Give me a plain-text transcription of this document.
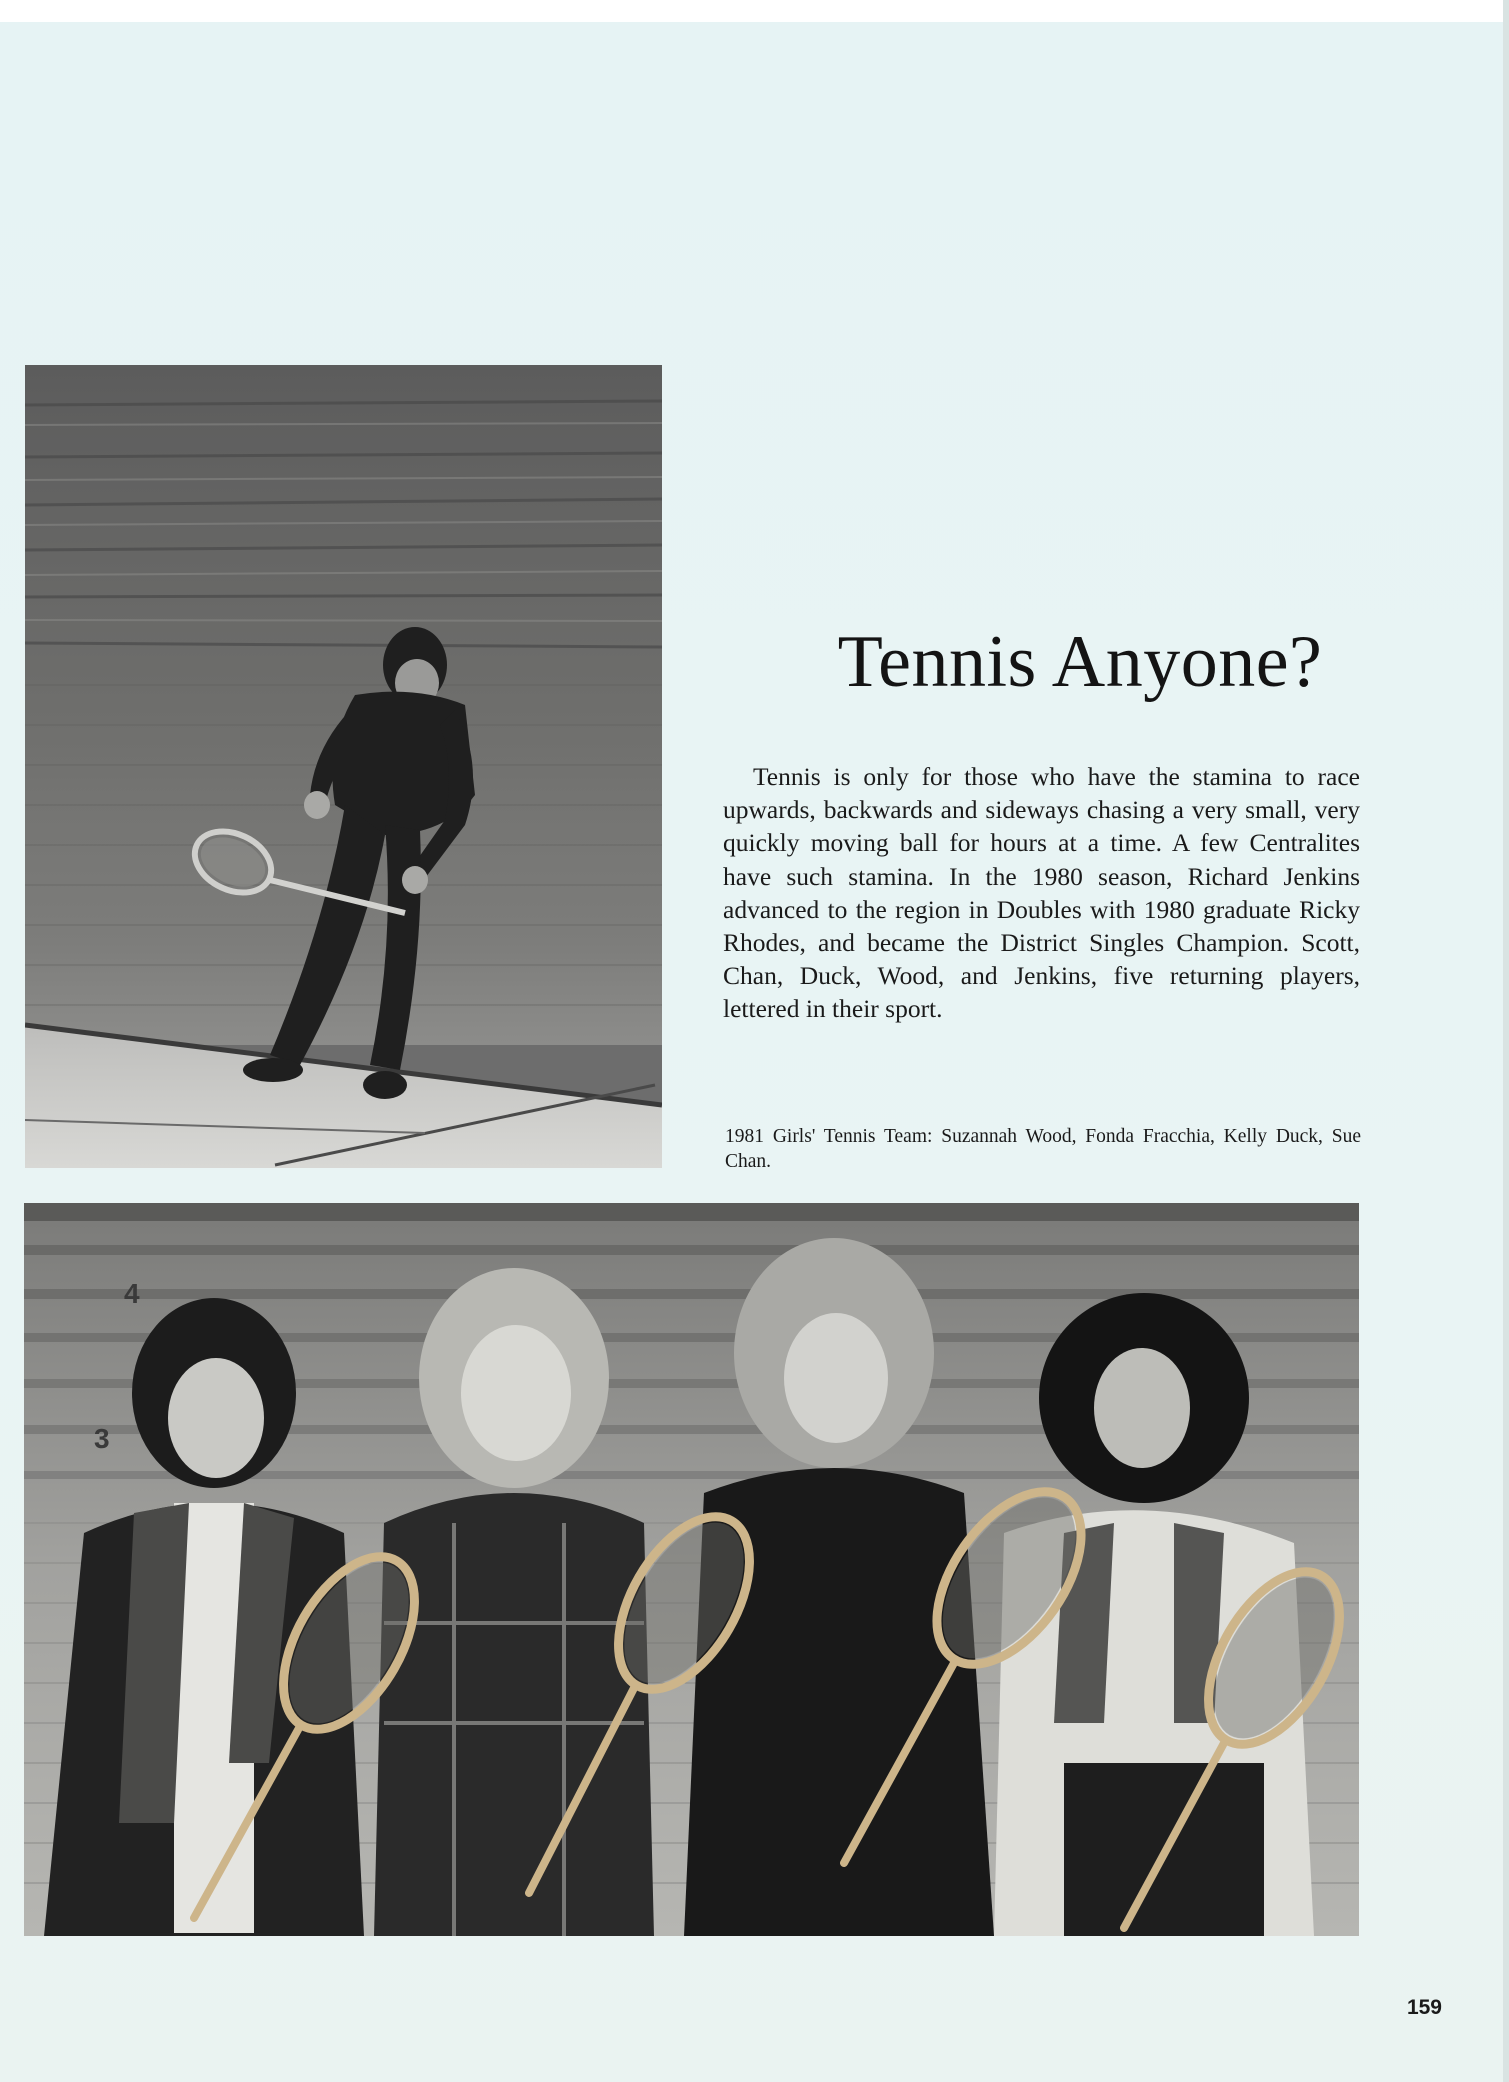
Tennis Anyone?

Tennis is only for those who have the stamina to race upwards, backwards and sideways chasing a very small, very quickly moving ball for hours at a time. A few Centralites have such stamina. In the 1980 season, Richard Jenkins advanced to the region in Doubles with 1980 graduate Ricky Rhodes, and became the District Singles Champion. Scott, Chan, Duck, Wood, and Jenkins, five returning players, lettered in their sport.

1981 Girls' Tennis Team: Suzannah Wood, Fonda Fracchia, Kelly Duck, Sue Chan.

4
3
159
